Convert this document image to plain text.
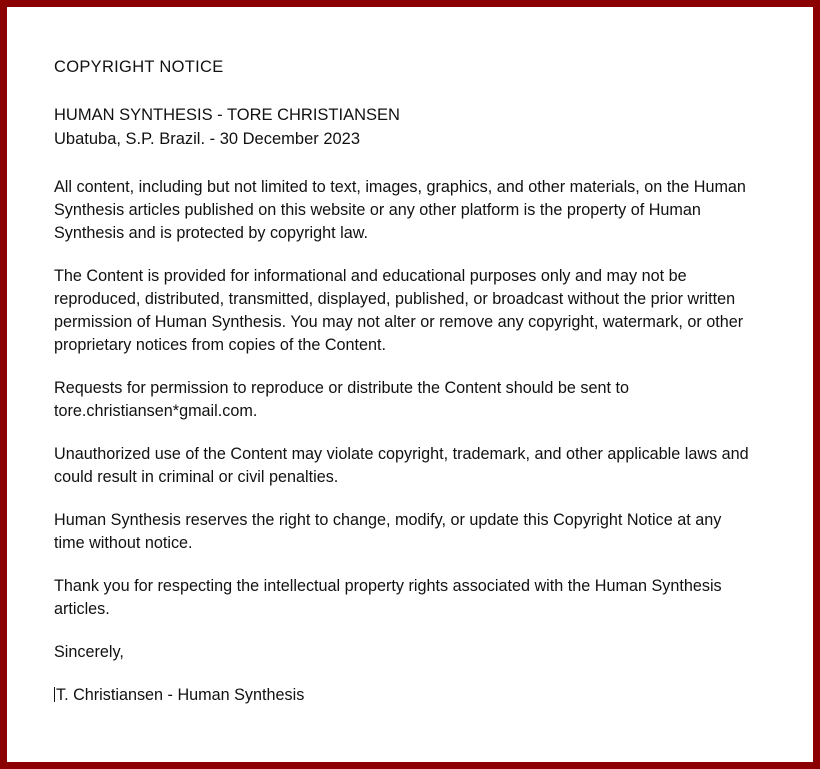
COPYRIGHT NOTICE
HUMAN SYNTHESIS - TORE CHRISTIANSEN
Ubatuba, S.P. Brazil. - 30 December 2023
All content, including but not limited to text, images, graphics, and other materials, on the Human Synthesis articles published on this website or any other platform is the property of Human Synthesis and is protected by copyright law.
The Content is provided for informational and educational purposes only and may not be reproduced, distributed, transmitted, displayed, published, or broadcast without the prior written permission of Human Synthesis. You may not alter or remove any copyright, watermark, or other proprietary notices from copies of the Content.
Requests for permission to reproduce or distribute the Content should be sent to tore.christiansen*gmail.com.
Unauthorized use of the Content may violate copyright, trademark, and other applicable laws and could result in criminal or civil penalties.
Human Synthesis reserves the right to change, modify, or update this Copyright Notice at any time without notice.
Thank you for respecting the intellectual property rights associated with the Human Synthesis articles.
Sincerely,
T. Christiansen - Human Synthesis
